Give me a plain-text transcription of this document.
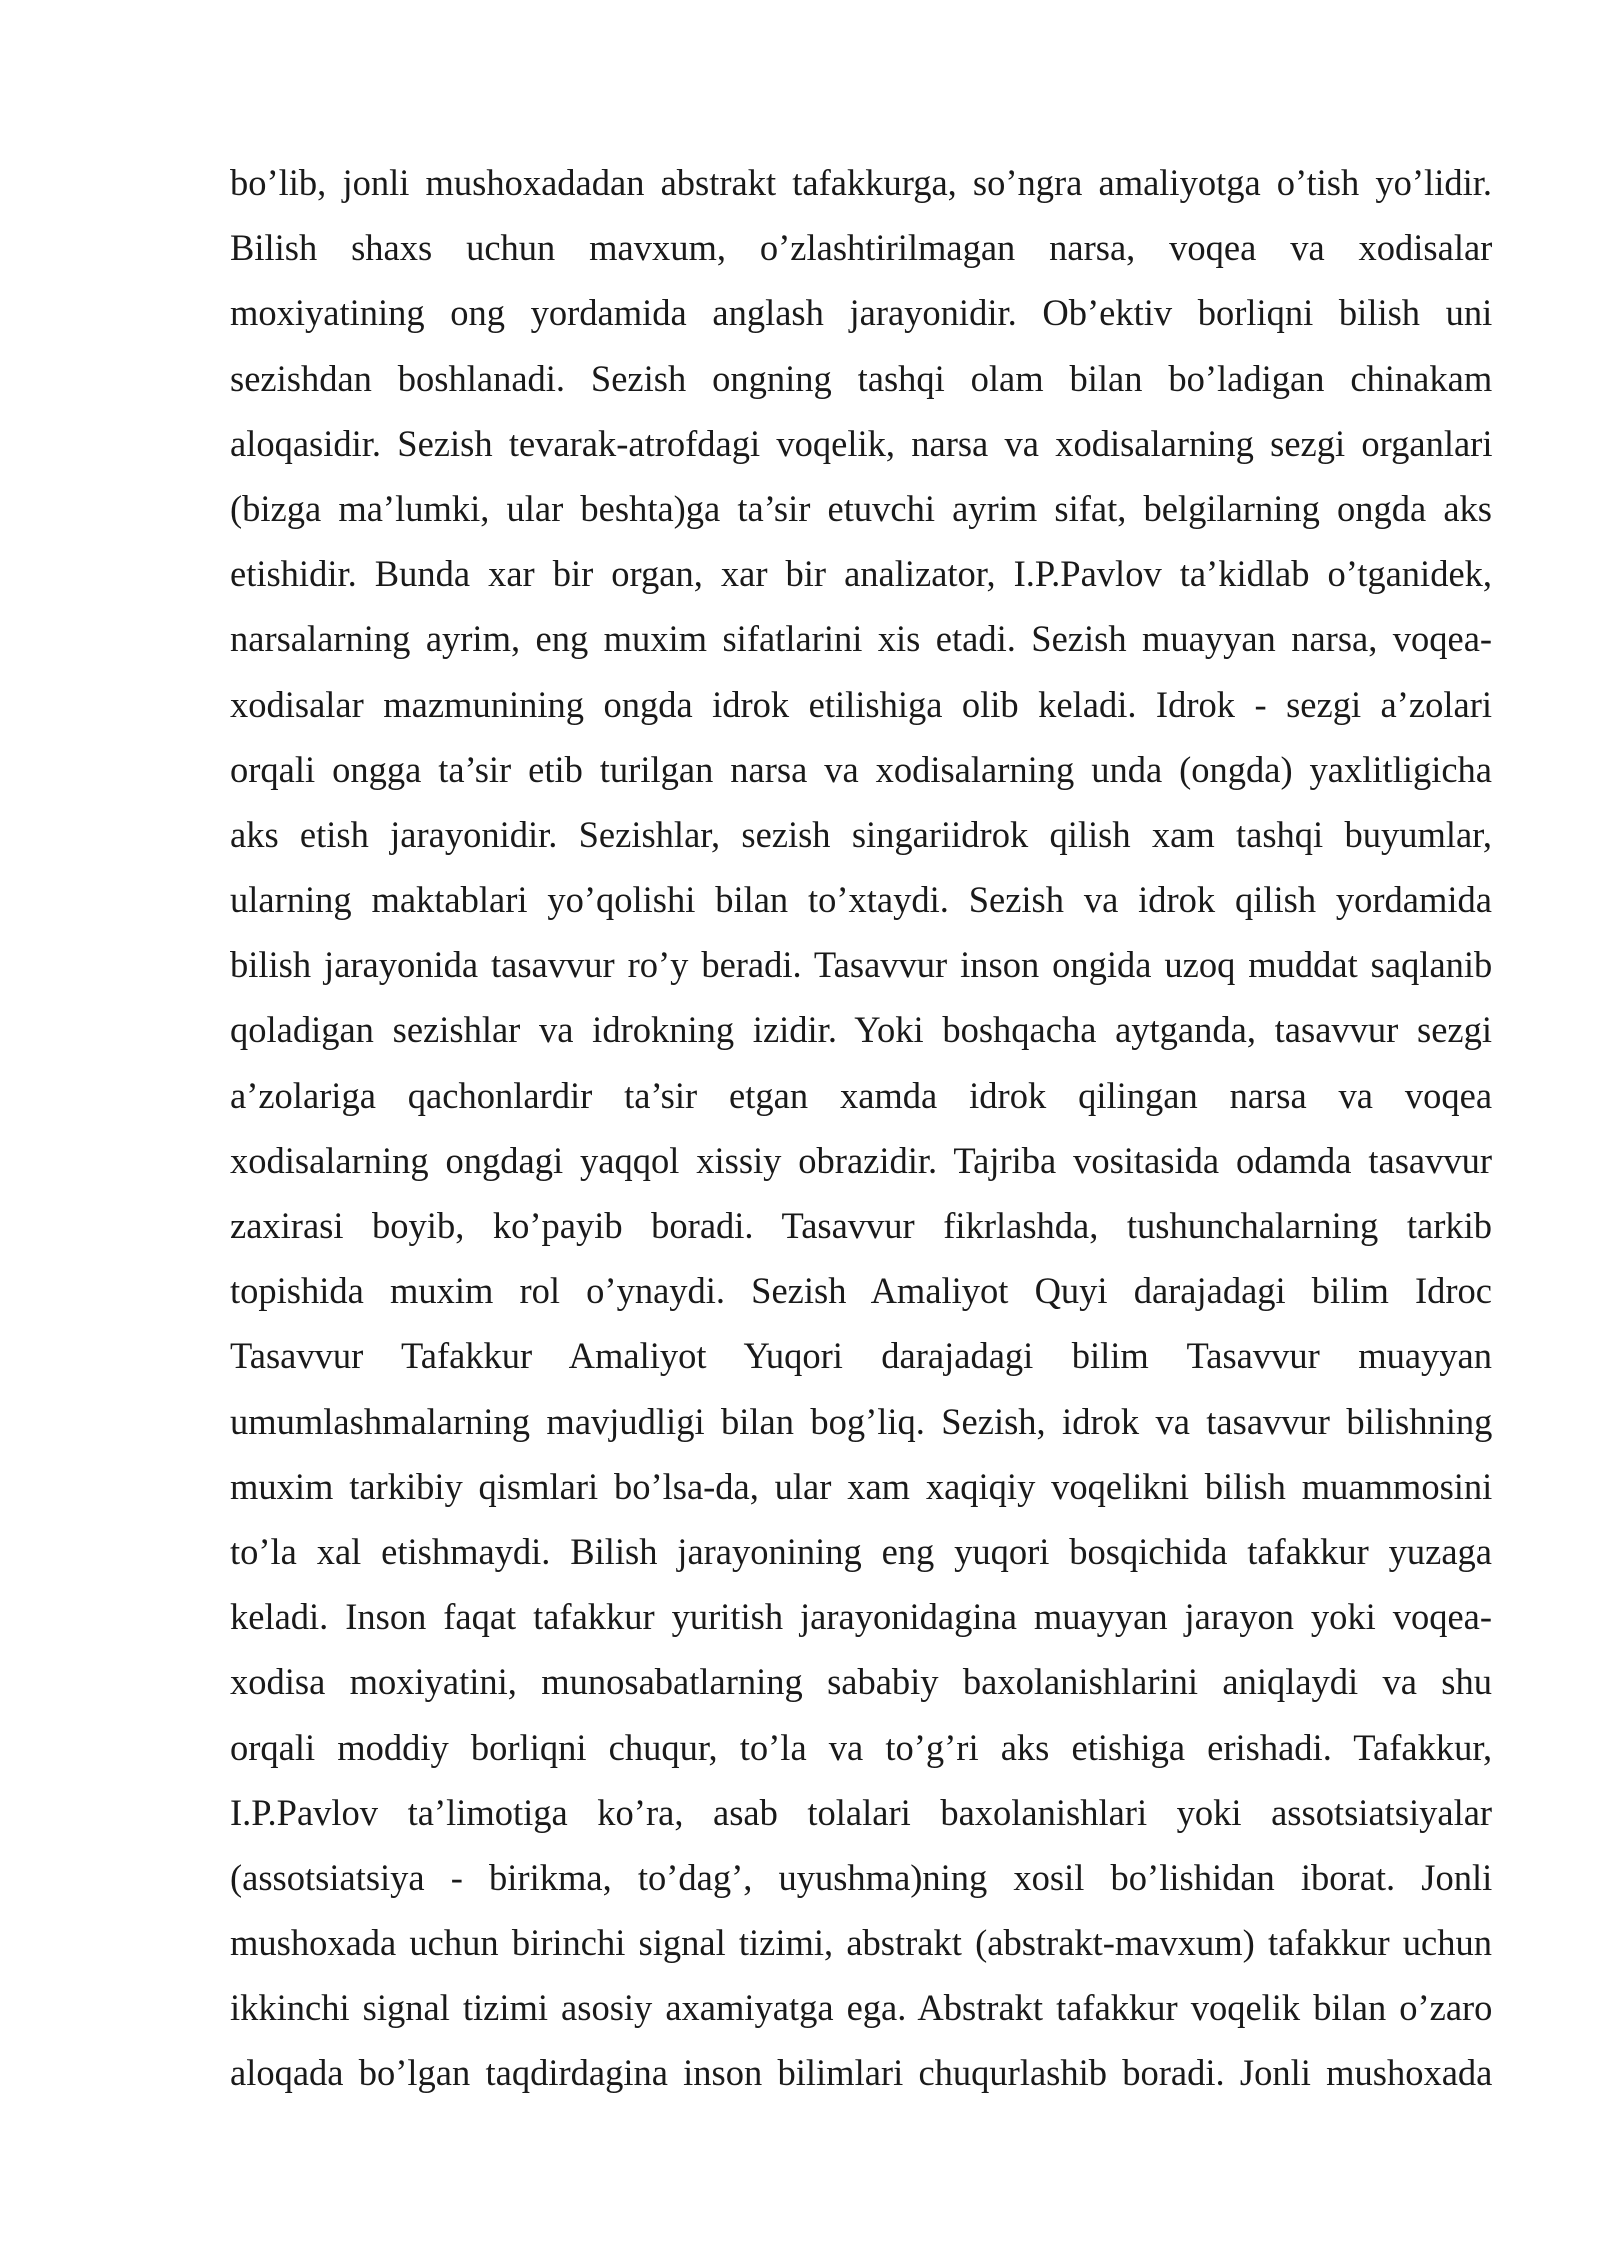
bo’lib, jonli mushoxadadan abstrakt tafakkurga, so’ngra amaliyotga o’tish yo’lidir.
Bilish shaxs uchun mavxum, o’zlashtirilmagan narsa, voqea va xodisalar
moxiyatining ong yordamida anglash jarayonidir. Ob’ektiv borliqni bilish uni
sezishdan boshlanadi. Sezish ongning tashqi olam bilan bo’ladigan chinakam
aloqasidir. Sezish tevarak-atrofdagi voqelik, narsa va xodisalarning sezgi organlari
(bizga ma’lumki, ular beshta)ga ta’sir etuvchi ayrim sifat, belgilarning ongda aks
etishidir. Bunda xar bir organ, xar bir analizator, I.P.Pavlov ta’kidlab o’tganidek,
narsalarning ayrim, eng muxim sifatlarini xis etadi. Sezish muayyan narsa, voqea-
xodisalar mazmunining ongda idrok etilishiga olib keladi. Idrok - sezgi a’zolari
orqali ongga ta’sir etib turilgan narsa va xodisalarning unda (ongda) yaxlitligicha
aks etish jarayonidir. Sezishlar, sezish singariidrok qilish xam tashqi buyumlar,
ularning maktablari yo’qolishi bilan to’xtaydi. Sezish va idrok qilish yordamida
bilish jarayonida tasavvur ro’y beradi. Tasavvur inson ongida uzoq muddat saqlanib
qoladigan sezishlar va idrokning izidir. Yoki boshqacha aytganda, tasavvur sezgi
a’zolariga qachonlardir ta’sir etgan xamda idrok qilingan narsa va voqea
xodisalarning ongdagi yaqqol xissiy obrazidir. Tajriba vositasida odamda tasavvur
zaxirasi boyib, ko’payib boradi. Tasavvur fikrlashda, tushunchalarning tarkib
topishida muxim rol o’ynaydi. Sezish Amaliyot Quyi darajadagi bilim Idroc
Tasavvur Tafakkur Amaliyot Yuqori darajadagi bilim Tasavvur muayyan
umumlashmalarning mavjudligi bilan bog’liq. Sezish, idrok va tasavvur bilishning
muxim tarkibiy qismlari bo’lsa-da, ular xam xaqiqiy voqelikni bilish muammosini
to’la xal etishmaydi. Bilish jarayonining eng yuqori bosqichida tafakkur yuzaga
keladi. Inson faqat tafakkur yuritish jarayonidagina muayyan jarayon yoki voqea-
xodisa moxiyatini, munosabatlarning sababiy baxolanishlarini aniqlaydi va shu
orqali moddiy borliqni chuqur, to’la va to’g’ri aks etishiga erishadi. Tafakkur,
I.P.Pavlov ta’limotiga ko’ra, asab tolalari baxolanishlari yoki assotsiatsiyalar
(assotsiatsiya - birikma, to’dag’, uyushma)ning xosil bo’lishidan iborat. Jonli
mushoxada uchun birinchi signal tizimi, abstrakt (abstrakt-mavxum) tafakkur uchun
ikkinchi signal tizimi asosiy axamiyatga ega. Abstrakt tafakkur voqelik bilan o’zaro
aloqada bo’lgan taqdirdagina inson bilimlari chuqurlashib boradi. Jonli mushoxada
